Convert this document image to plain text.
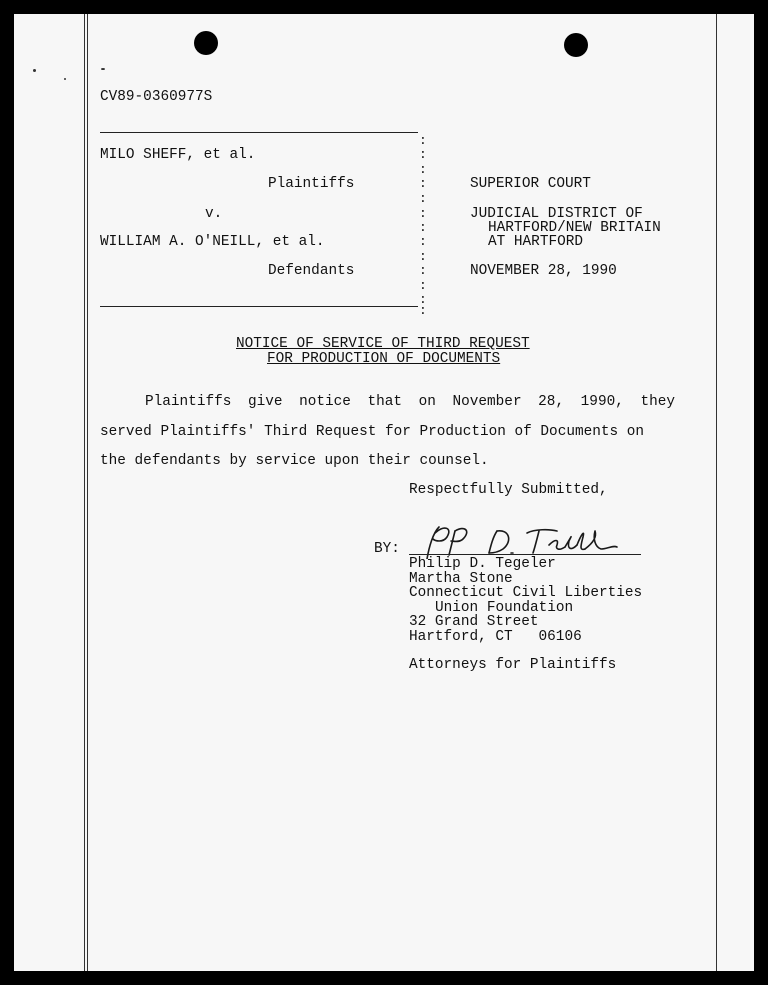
CV89-0360977S
MILO SHEFF, et al.
Plaintiffs
v.
WILLIAM A. O'NEILL, et al.
Defendants
:
:
:
:
:
:
:
:
:
:
:
:
:
SUPERIOR COURT
JUDICIAL DISTRICT OF
HARTFORD/NEW BRITAIN
AT HARTFORD
NOVEMBER 28, 1990
NOTICE OF SERVICE OF THIRD REQUEST
FOR PRODUCTION OF DOCUMENTS
Plaintiffs give notice that on November 28, 1990, they
served Plaintiffs' Third Request for Production of Documents on
the defendants by service upon their counsel.
Respectfully Submitted,
BY:
Philip D. Tegeler
Martha Stone
Connecticut Civil Liberties
Union Foundation
32 Grand Street
Hartford, CT   06106
Attorneys for Plaintiffs
